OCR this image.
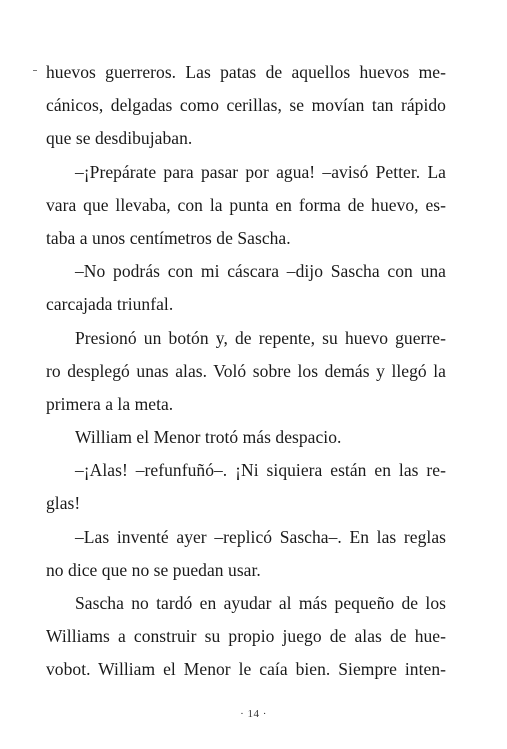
huevos guerreros. Las patas de aquellos huevos me-
cánicos, delgadas como cerillas, se movían tan rápido
que se desdibujaban.
–¡Prepárate para pasar por agua! –avisó Petter. La
vara que llevaba, con la punta en forma de huevo, es-
taba a unos centímetros de Sascha.
–No podrás con mi cáscara –dijo Sascha con una
carcajada triunfal.
Presionó un botón y, de repente, su huevo guerre-
ro desplegó unas alas. Voló sobre los demás y llegó la
primera a la meta.
William el Menor trotó más despacio.
–¡Alas! –refunfuñó–. ¡Ni siquiera están en las re-
glas!
–Las inventé ayer –replicó Sascha–. En las reglas
no dice que no se puedan usar.
Sascha no tardó en ayudar al más pequeño de los
Williams a construir su propio juego de alas de hue-
vobot. William el Menor le caía bien. Siempre inten-
· 14 ·
